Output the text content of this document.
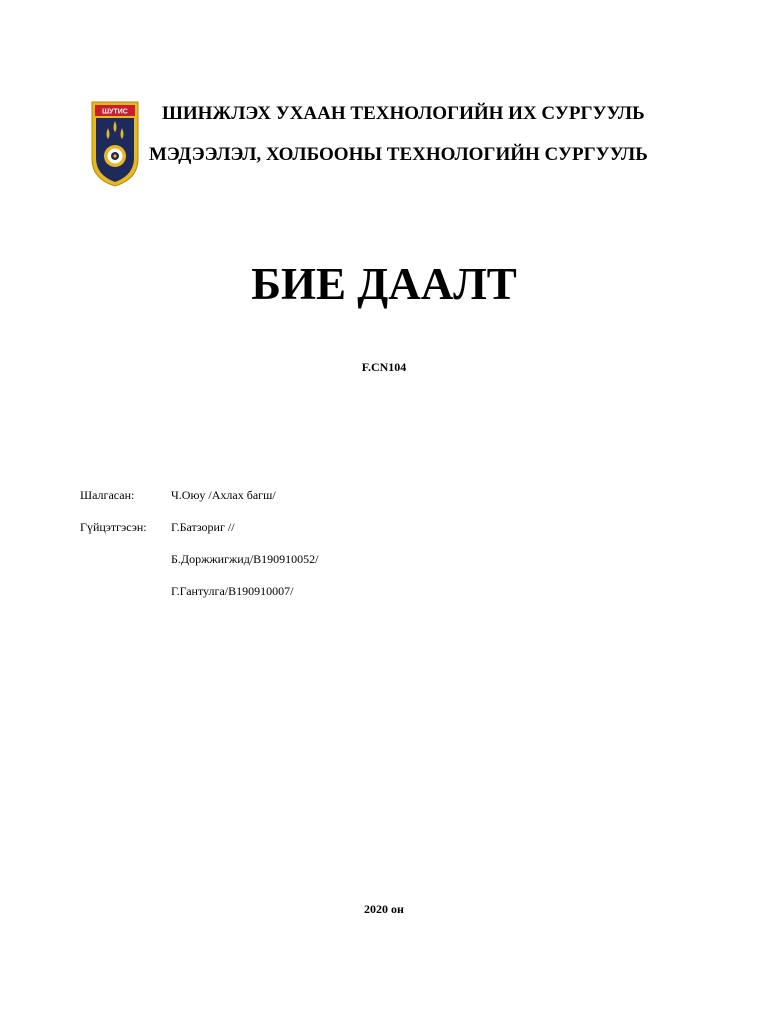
ШУТИС ШИНЖЛЭХ УХААН ТЕХНОЛОГИЙН ИХ СУРГУУЛЬ
МЭДЭЭЛЭЛ, ХОЛБООНЫ ТЕХНОЛОГИЙН СУРГУУЛЬ
БИЕ ДААЛТ
F.CN104
Шалгасан:	Ч.Оюу /Ахлах багш/
Гүйцэтгэсэн: Г.Батзориг //
Б.Доржжигжид/B190910052/
Г.Гантулга/B190910007/
2020 он
